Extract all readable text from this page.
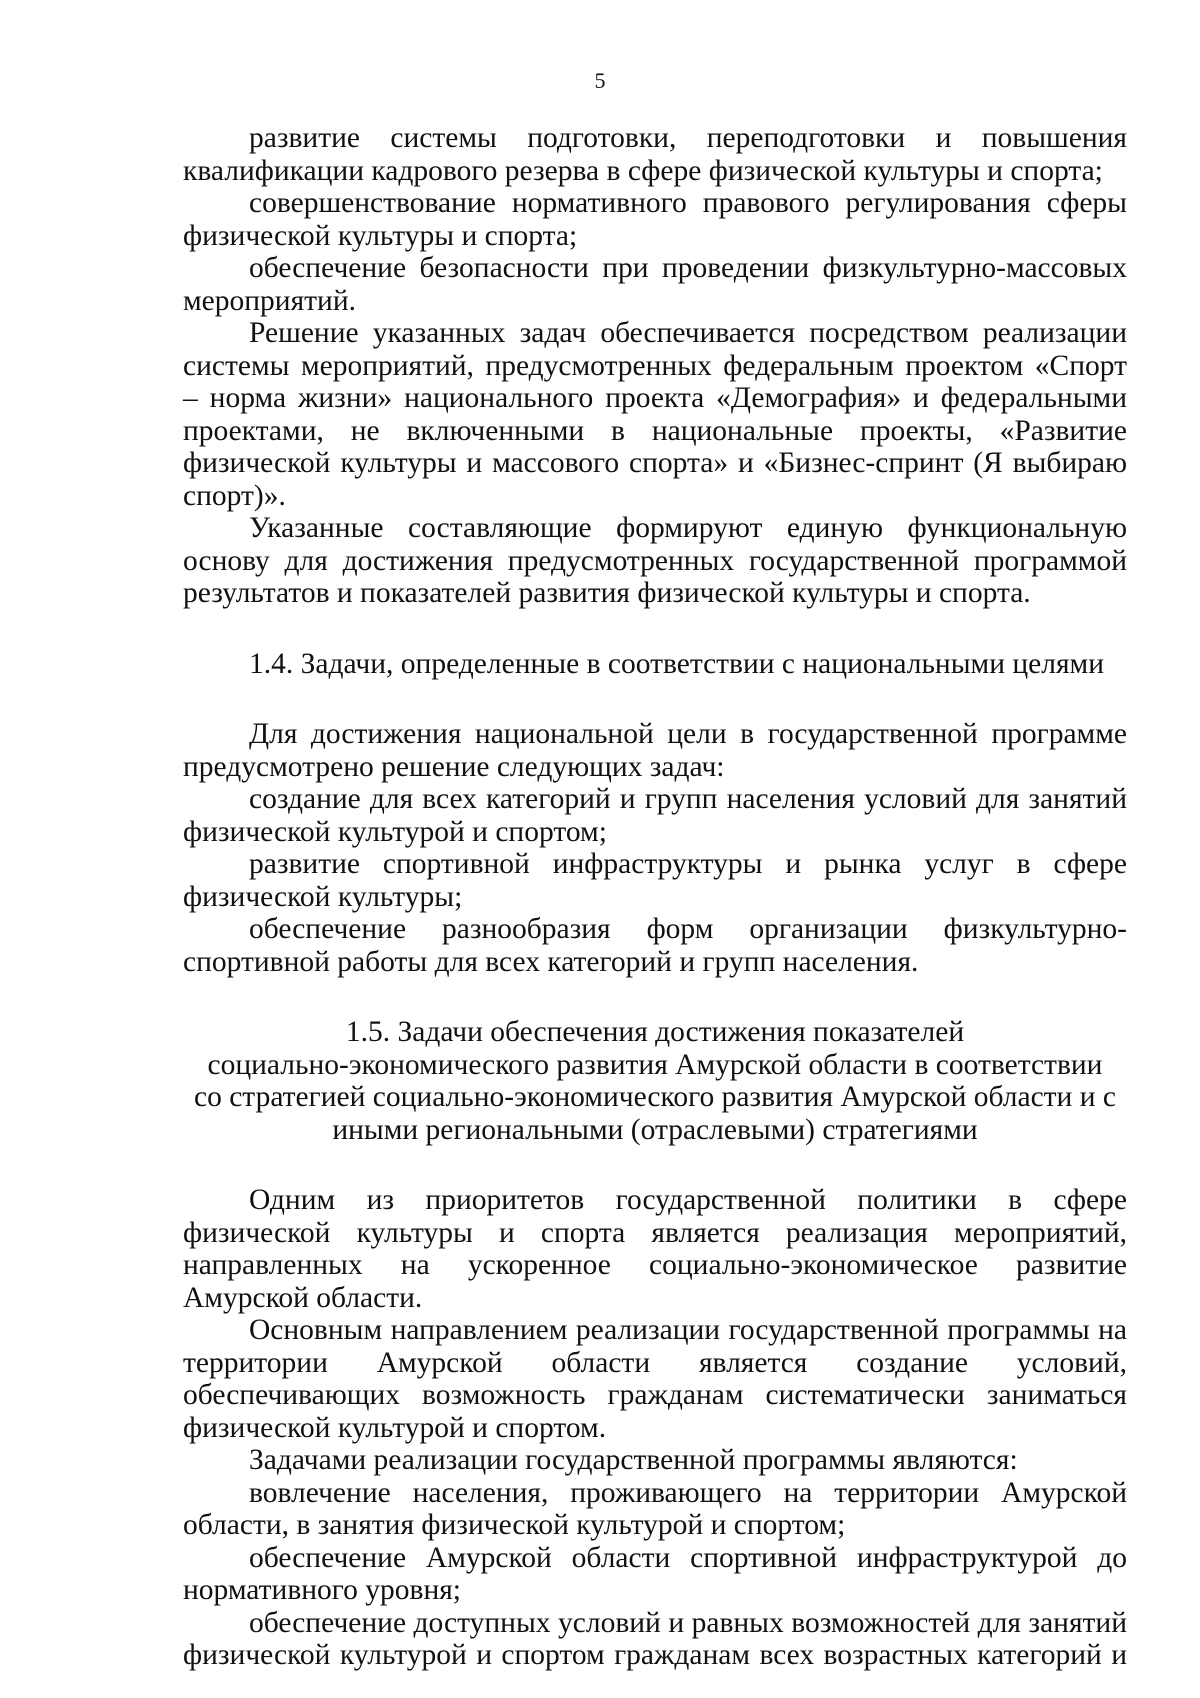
5

развитие системы подготовки, переподготовки и повышения квалификации кадрового резерва в сфере физической культуры и спорта;

совершенствование нормативного правового регулирования сферы физической культуры и спорта;

обеспечение безопасности при проведении физкультурно-массовых мероприятий.

Решение указанных задач обеспечивается посредством реализации системы мероприятий, предусмотренных федеральным проектом «Спорт – норма жизни» национального проекта «Демография» и федеральными проектами, не включенными в национальные проекты, «Развитие физической культуры и массового спорта» и «Бизнес-спринт (Я выбираю спорт)».

Указанные составляющие формируют единую функциональную основу для достижения предусмотренных государственной программой результатов и показателей развития физической культуры и спорта.

1.4. Задачи, определенные в соответствии с национальными целями

Для достижения национальной цели в государственной программе предусмотрено решение следующих задач:

создание для всех категорий и групп населения условий для занятий физической культурой и спортом;

развитие спортивной инфраструктуры и рынка услуг в сфере физической культуры;

обеспечение разнообразия форм организации физкультурно-спортивной работы для всех категорий и групп населения.

1.5. Задачи обеспечения достижения показателей
социально-экономического развития Амурской области в соответствии
со стратегией социально-экономического развития Амурской области и с
иными региональными (отраслевыми) стратегиями

Одним из приоритетов государственной политики в сфере физической культуры и спорта является реализация мероприятий, направленных на ускоренное социально-экономическое развитие Амурской области.

Основным направлением реализации государственной программы на территории Амурской области является создание условий, обеспечивающих возможность гражданам систематически заниматься физической культурой и спортом.

Задачами реализации государственной программы являются:

вовлечение населения, проживающего на территории Амурской области, в занятия физической культурой и спортом;

обеспечение Амурской области спортивной инфраструктурой до нормативного уровня;

обеспечение доступных условий и равных возможностей для занятий физической культурой и спортом гражданам всех возрастных категорий и
